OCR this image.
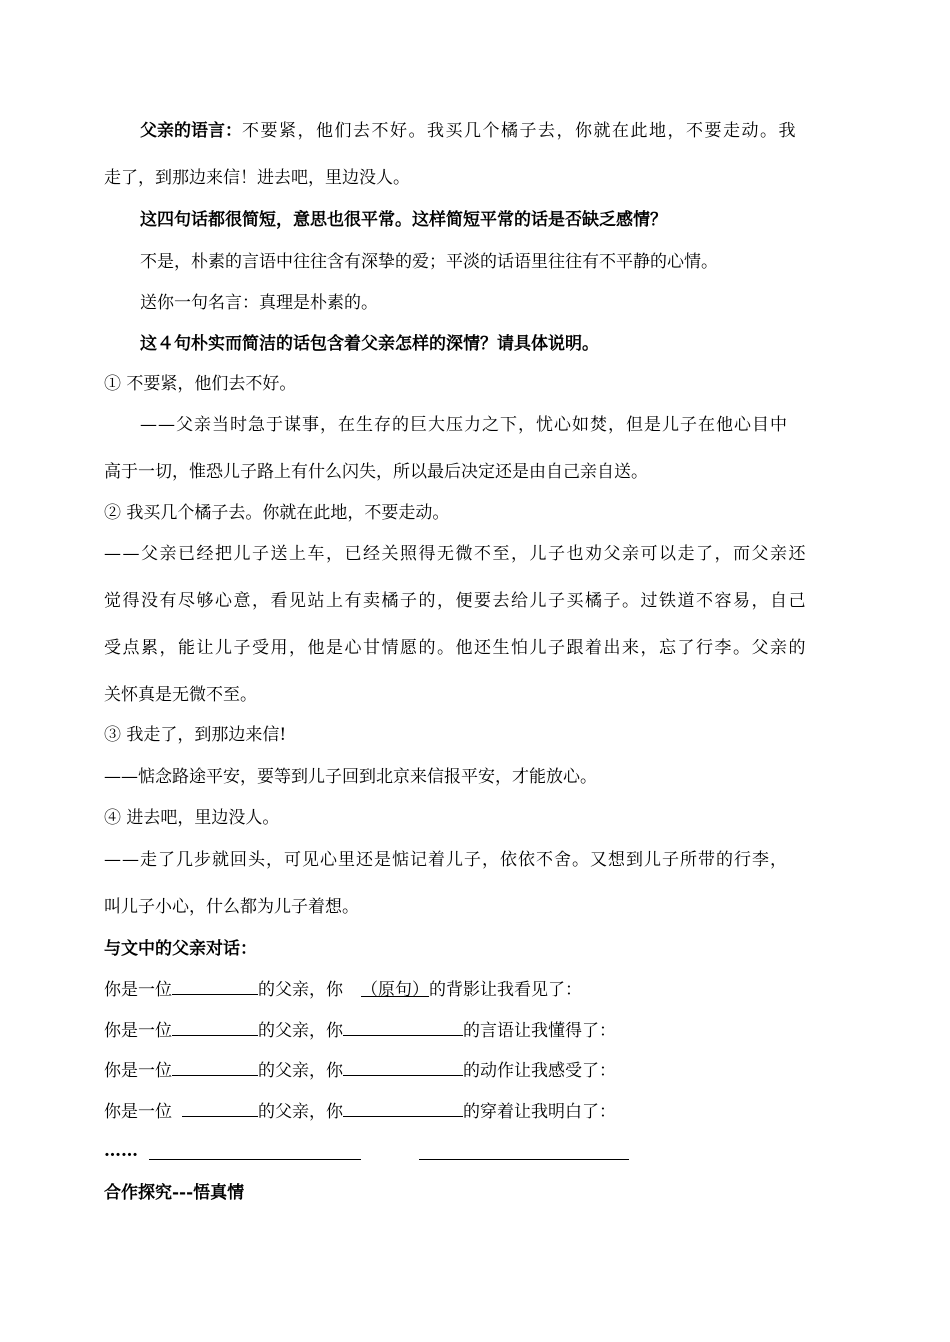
父亲的语言：不要紧，他们去不好。我买几个橘子去，你就在此地，不要走动。我
走了，到那边来信！进去吧，里边没人。
这四句话都很简短，意思也很平常。这样简短平常的话是否缺乏感情？
不是，朴素的言语中往往含有深挚的爱；平淡的话语里往往有不平静的心情。
送你一句名言：真理是朴素的。
这４句朴实而简洁的话包含着父亲怎样的深情？请具体说明。
① 不要紧，他们去不好。
——父亲当时急于谋事，在生存的巨大压力之下，忧心如焚，但是儿子在他心目中
高于一切，惟恐儿子路上有什么闪失，所以最后决定还是由自己亲自送。
② 我买几个橘子去。你就在此地，不要走动。
——父亲已经把儿子送上车，已经关照得无微不至，儿子也劝父亲可以走了，而父亲还
觉得没有尽够心意，看见站上有卖橘子的，便要去给儿子买橘子。过铁道不容易，自己
受点累，能让儿子受用，他是心甘情愿的。他还生怕儿子跟着出来，忘了行李。父亲的
关怀真是无微不至。
③ 我走了，到那边来信!
——惦念路途平安，要等到儿子回到北京来信报平安，才能放心。
④ 进去吧，里边没人。
——走了几步就回头，可见心里还是惦记着儿子，依依不舍。又想到儿子所带的行李，
叫儿子小心，什么都为儿子着想。
与文中的父亲对话：
你是一位	的父亲，你 （原句）的背影让我看见了：
你是一位	的父亲，你	的言语让我懂得了：
你是一位	的父亲，你	的动作让我感受了：
你是一位	的父亲，你	的穿着让我明白了：
……
合作探究---悟真情
